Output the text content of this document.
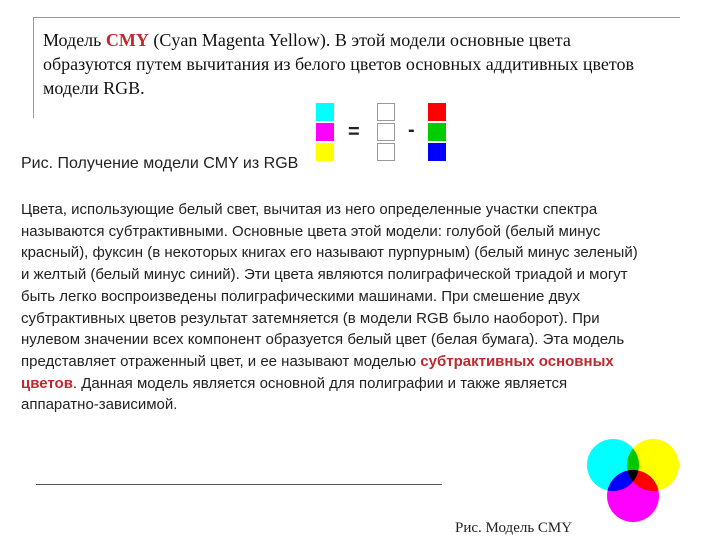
Модель CMY (Cyan Magenta Yellow). В этой модели основные цвета образуются путем вычитания из белого цветов основных аддитивных цветов модели RGB.

= -

Рис. Получение модели CMY из RGB

Цвета, использующие белый свет, вычитая из него определенные участки спектра называются субтрактивными. Основные цвета этой модели: голубой (белый минус красный), фуксин (в некоторых книгах его называют пурпурным) (белый минус зеленый) и желтый (белый минус синий). Эти цвета являются полиграфической триадой и могут быть легко воспроизведены полиграфическими машинами. При смешение двух субтрактивных цветов результат затемняется (в модели RGB было наоборот). При нулевом значении всех компонент образуется белый цвет (белая бумага). Эта модель представляет отраженный цвет, и ее называют моделью субтрактивных основных цветов. Данная модель является основной для полиграфии и также является аппаратно-зависимой.

Рис. Модель CMY
